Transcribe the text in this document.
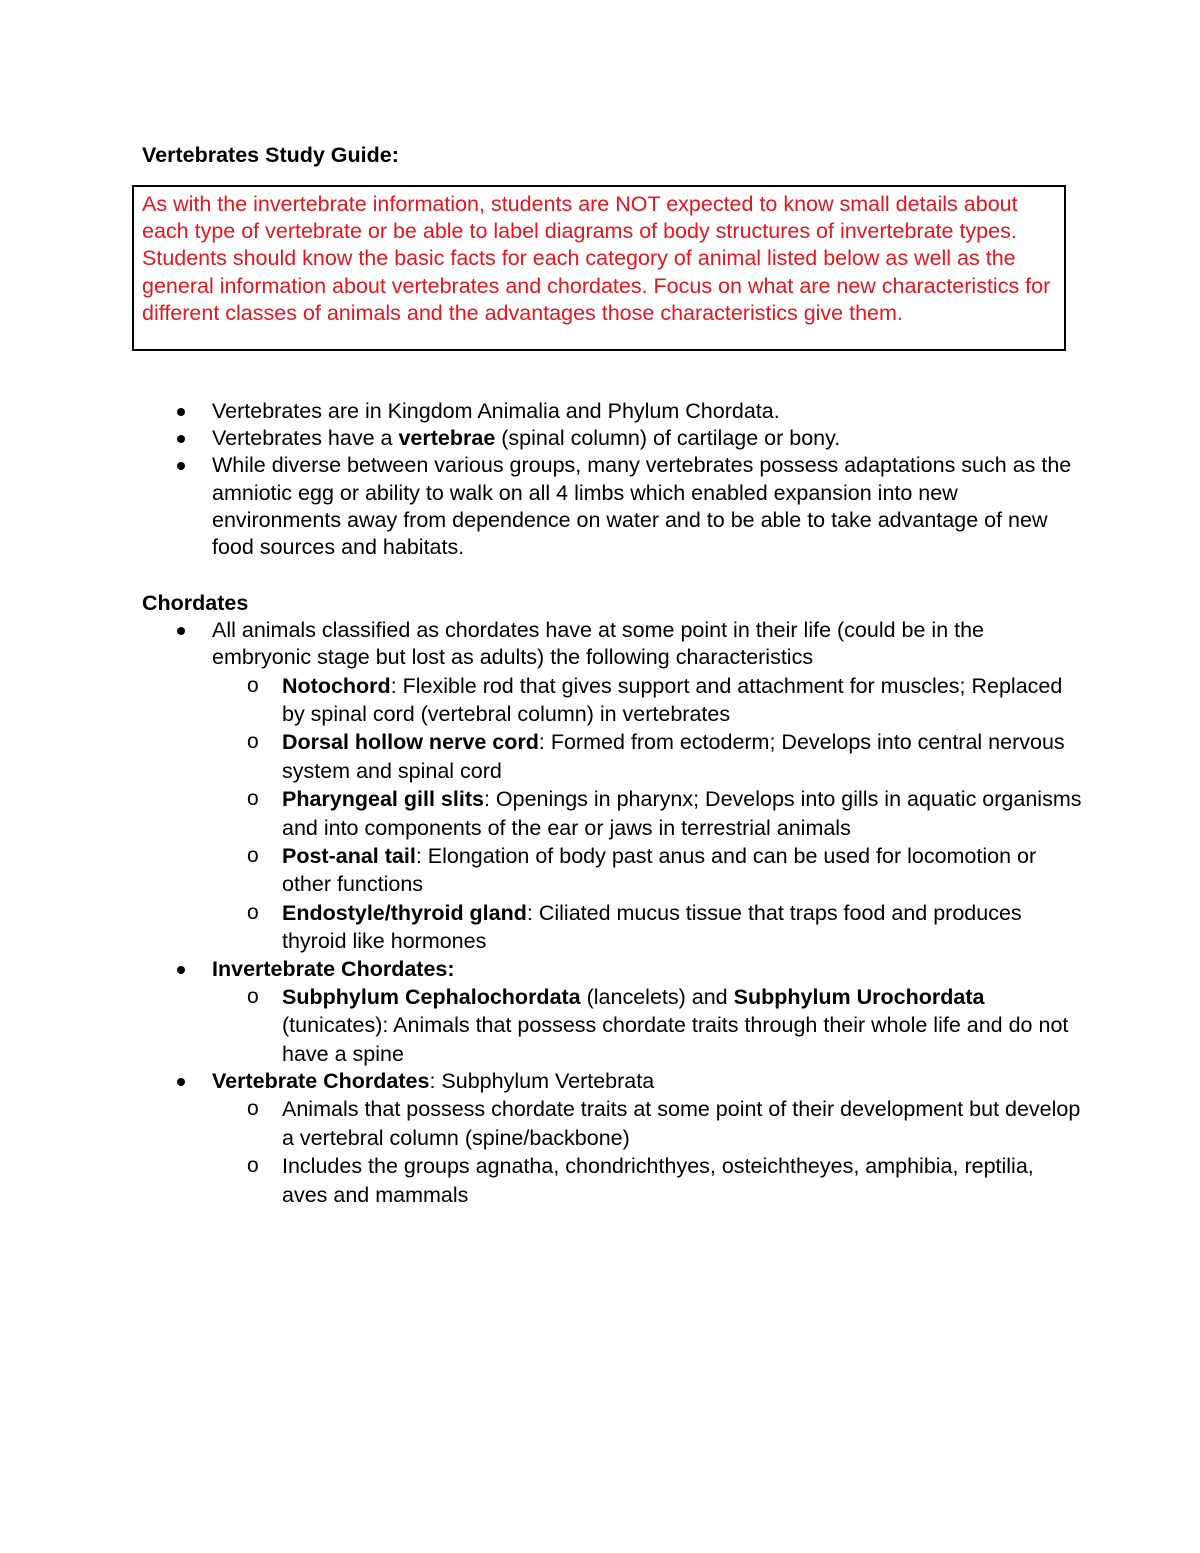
Vertebrates Study Guide:

As with the invertebrate information, students are NOT expected to know small details about each type of vertebrate or be able to label diagrams of body structures of invertebrate types. Students should know the basic facts for each category of animal listed below as well as the general information about vertebrates and chordates. Focus on what are new characteristics for different classes of animals and the advantages those characteristics give them.

Vertebrates are in Kingdom Animalia and Phylum Chordata.
Vertebrates have a vertebrae (spinal column) of cartilage or bony.
While diverse between various groups, many vertebrates possess adaptations such as the amniotic egg or ability to walk on all 4 limbs which enabled expansion into new environments away from dependence on water and to be able to take advantage of new food sources and habitats.

Chordates

All animals classified as chordates have at some point in their life (could be in the embryonic stage but lost as adults) the following characteristics
o Notochord: Flexible rod that gives support and attachment for muscles; Replaced by spinal cord (vertebral column) in vertebrates
o Dorsal hollow nerve cord: Formed from ectoderm; Develops into central nervous system and spinal cord
o Pharyngeal gill slits: Openings in pharynx; Develops into gills in aquatic organisms and into components of the ear or jaws in terrestrial animals
o Post-anal tail: Elongation of body past anus and can be used for locomotion or other functions
o Endostyle/thyroid gland: Ciliated mucus tissue that traps food and produces thyroid like hormones
Invertebrate Chordates:
o Subphylum Cephalochordata (lancelets) and Subphylum Urochordata (tunicates): Animals that possess chordate traits through their whole life and do not have a spine
Vertebrate Chordates: Subphylum Vertebrata
o Animals that possess chordate traits at some point of their development but develop a vertebral column (spine/backbone)
o Includes the groups agnatha, chondrichthyes, osteichtheyes, amphibia, reptilia, aves and mammals
